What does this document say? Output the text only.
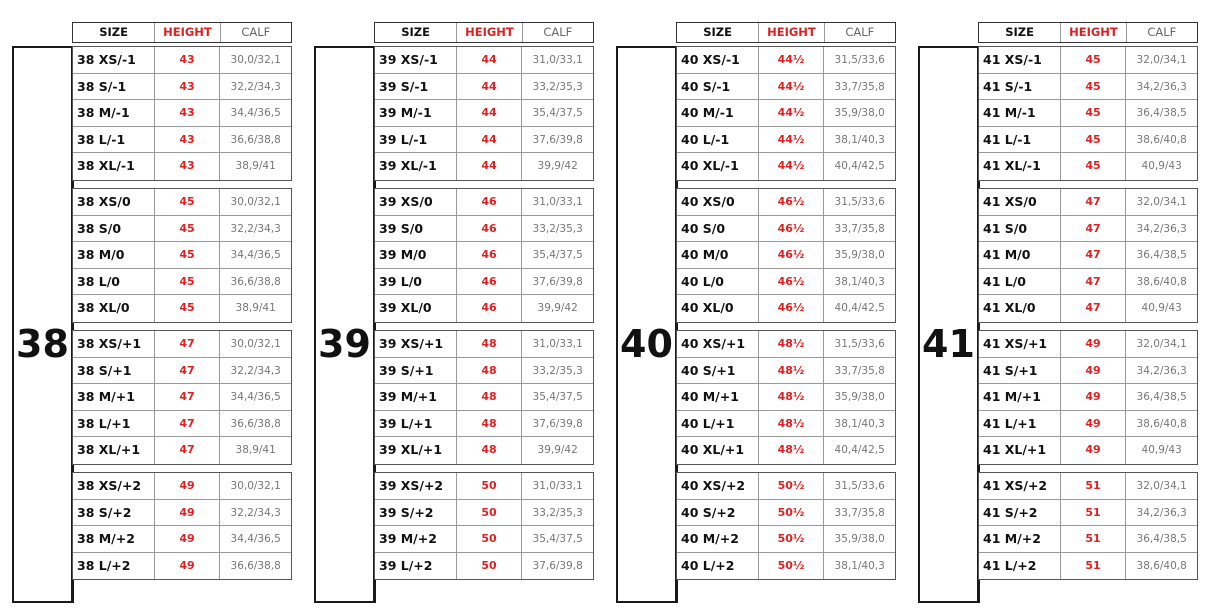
38
SIZE	HEIGHT	CALF
38 XS/-1	43	30,0/32,1
38 S/-1	43	32,2/34,3
38 M/-1	43	34,4/36,5
38 L/-1	43	36,6/38,8
38 XL/-1	43	38,9/41
38 XS/0	45	30,0/32,1
38 S/0	45	32,2/34,3
38 M/0	45	34,4/36,5
38 L/0	45	36,6/38,8
38 XL/0	45	38,9/41
38 XS/+1	47	30,0/32,1
38 S/+1	47	32,2/34,3
38 M/+1	47	34,4/36,5
38 L/+1	47	36,6/38,8
38 XL/+1	47	38,9/41
38 XS/+2	49	30,0/32,1
38 S/+2	49	32,2/34,3
38 M/+2	49	34,4/36,5
38 L/+2	49	36,6/38,8
39
SIZE	HEIGHT	CALF
39 XS/-1	44	31,0/33,1
39 S/-1	44	33,2/35,3
39 M/-1	44	35,4/37,5
39 L/-1	44	37,6/39,8
39 XL/-1	44	39,9/42
39 XS/0	46	31,0/33,1
39 S/0	46	33,2/35,3
39 M/0	46	35,4/37,5
39 L/0	46	37,6/39,8
39 XL/0	46	39,9/42
39 XS/+1	48	31,0/33,1
39 S/+1	48	33,2/35,3
39 M/+1	48	35,4/37,5
39 L/+1	48	37,6/39,8
39 XL/+1	48	39,9/42
39 XS/+2	50	31,0/33,1
39 S/+2	50	33,2/35,3
39 M/+2	50	35,4/37,5
39 L/+2	50	37,6/39,8
40
SIZE	HEIGHT	CALF
40 XS/-1	44½	31,5/33,6
40 S/-1	44½	33,7/35,8
40 M/-1	44½	35,9/38,0
40 L/-1	44½	38,1/40,3
40 XL/-1	44½	40,4/42,5
40 XS/0	46½	31,5/33,6
40 S/0	46½	33,7/35,8
40 M/0	46½	35,9/38,0
40 L/0	46½	38,1/40,3
40 XL/0	46½	40,4/42,5
40 XS/+1	48½	31,5/33,6
40 S/+1	48½	33,7/35,8
40 M/+1	48½	35,9/38,0
40 L/+1	48½	38,1/40,3
40 XL/+1	48½	40,4/42,5
40 XS/+2	50½	31,5/33,6
40 S/+2	50½	33,7/35,8
40 M/+2	50½	35,9/38,0
40 L/+2	50½	38,1/40,3
41
SIZE	HEIGHT	CALF
41 XS/-1	45	32,0/34,1
41 S/-1	45	34,2/36,3
41 M/-1	45	36,4/38,5
41 L/-1	45	38,6/40,8
41 XL/-1	45	40,9/43
41 XS/0	47	32,0/34,1
41 S/0	47	34,2/36,3
41 M/0	47	36,4/38,5
41 L/0	47	38,6/40,8
41 XL/0	47	40,9/43
41 XS/+1	49	32,0/34,1
41 S/+1	49	34,2/36,3
41 M/+1	49	36,4/38,5
41 L/+1	49	38,6/40,8
41 XL/+1	49	40,9/43
41 XS/+2	51	32,0/34,1
41 S/+2	51	34,2/36,3
41 M/+2	51	36,4/38,5
41 L/+2	51	38,6/40,8
